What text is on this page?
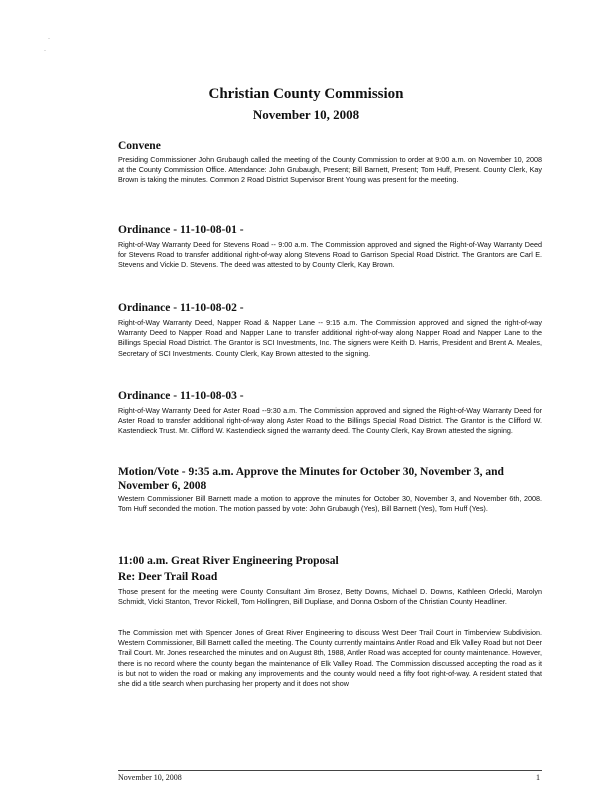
·
·
Christian County Commission
November 10, 2008
Convene

Presiding Commissioner John Grubaugh called the meeting of the County Commission to order at 9:00 a.m. on November 10, 2008 at the County Commission Office. Attendance: John Grubaugh, Present; Bill Barnett, Present; Tom Huff, Present. County Clerk, Kay Brown is taking the minutes. Common 2 Road District Supervisor Brent Young was present for the meeting.

Ordinance - 11-10-08-01 -

Right-of-Way Warranty Deed for Stevens Road -- 9:00 a.m. The Commission approved and signed the Right-of-Way Warranty Deed for Stevens Road to transfer additional right-of-way along Stevens Road to Garrison Special Road District. The Grantors are Carl E. Stevens and Vickie D. Stevens. The deed was attested to by County Clerk, Kay Brown.

Ordinance - 11-10-08-02 -

Right-of-Way Warranty Deed, Napper Road & Napper Lane -- 9:15 a.m. The Commission approved and signed the right-of-way Warranty Deed to Napper Road and Napper Lane to transfer additional right-of-way along Napper Road and Napper Lane to the Billings Special Road District. The Grantor is SCI Investments, Inc. The signers were Keith D. Harris, President and Brent A. Meales, Secretary of SCI Investments. County Clerk, Kay Brown attested to the signing.

Ordinance - 11-10-08-03 -

Right-of-Way Warranty Deed for Aster Road --9:30 a.m. The Commission approved and signed the Right-of-Way Warranty Deed for Aster Road to transfer additional right-of-way along Aster Road to the Billings Special Road District. The Grantor is the Clifford W. Kastendieck Trust. Mr. Clifford W. Kastendieck signed the warranty deed. The County Clerk, Kay Brown attested the signing.

Motion/Vote - 9:35 a.m. Approve the Minutes for October 30, November 3, and November 6, 2008

Western Commissioner Bill Barnett made a motion to approve the minutes for October 30, November 3, and November 6th, 2008. Tom Huff seconded the motion. The motion passed by vote: John Grubaugh (Yes), Bill Barnett (Yes), Tom Huff (Yes).

11:00 a.m. Great River Engineering Proposal
Re: Deer Trail Road

Those present for the meeting were County Consultant Jim Brosez, Betty Downs, Michael D. Downs, Kathleen Orlecki, Marolyn Schmidt, Vicki Stanton, Trevor Rickell, Tom Hollingren, Bill Dupliase, and Donna Osborn of the Christian County Headliner.

The Commission met with Spencer Jones of Great River Engineering to discuss West Deer Trail Court in Timberview Subdivision. Western Commissioner, Bill Barnett called the meeting. The County currently maintains Antler Road and Elk Valley Road but not Deer Trail Court. Mr. Jones researched the minutes and on August 8th, 1988, Antler Road was accepted for county maintenance. However, there is no record where the county began the maintenance of Elk Valley Road. The Commission discussed accepting the road as it is but not to widen the road or making any improvements and the county would need a fifty foot right-of-way. A resident stated that she did a title search when purchasing her property and it does not show

November 10, 2008	1
